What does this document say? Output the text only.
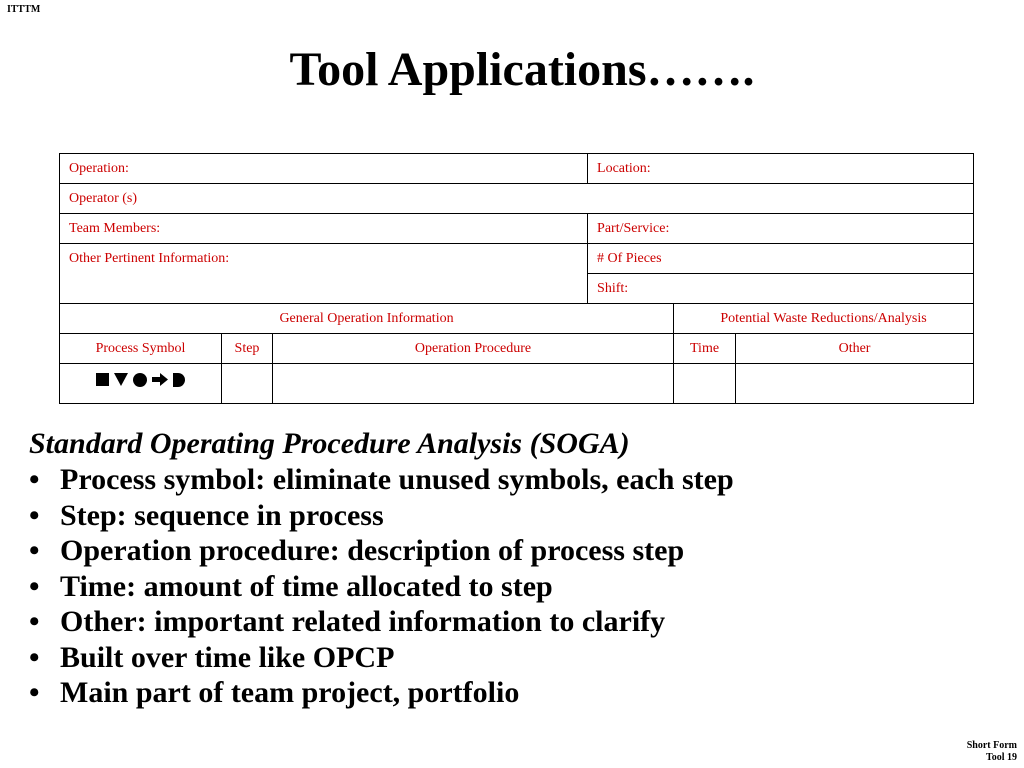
ITTTM
Tool Applications…….
Operation:			Location:		
Operator (s)					
Team Members:			Part/Service:		
Other Pertinent Information:			# Of Pieces		
			Shift:		
General Operation Information				Potential Waste Reductions/Analysis	
Process Symbol	Step	Operation Procedure		Time	Other

Standard Operating Procedure Analysis (SOGA)
• Process symbol: eliminate unused symbols, each step
• Step: sequence in process
• Operation procedure: description of process step
• Time: amount of time allocated to step
• Other: important related information to clarify
• Built over time like OPCP
• Main part of team project, portfolio
Short Form
Tool 19
